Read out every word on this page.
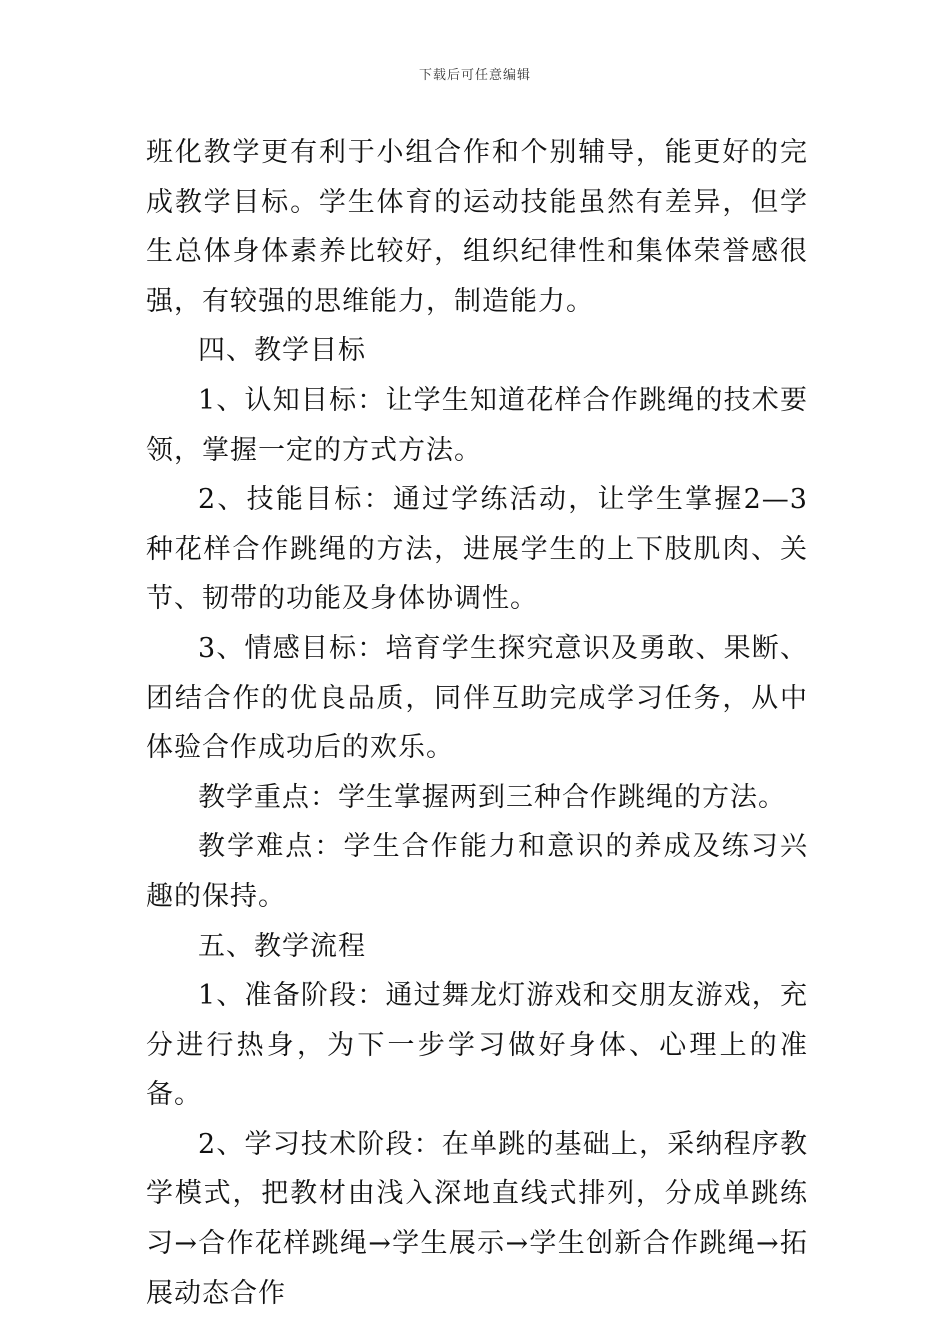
下载后可任意编辑

班化教学更有利于小组合作和个别辅导，能更好的完成教学目标。学生体育的运动技能虽然有差异，但学生总体身体素养比较好，组织纪律性和集体荣誉感很强，有较强的思维能力，制造能力。

四、教学目标

1、认知目标：让学生知道花样合作跳绳的技术要领，掌握一定的方式方法。

2、技能目标：通过学练活动，让学生掌握2—3种花样合作跳绳的方法，进展学生的上下肢肌肉、关节、韧带的功能及身体协调性。

3、情感目标：培育学生探究意识及勇敢、果断、团结合作的优良品质，同伴互助完成学习任务，从中体验合作成功后的欢乐。

教学重点：学生掌握两到三种合作跳绳的方法。

教学难点：学生合作能力和意识的养成及练习兴趣的保持。

五、教学流程

1、准备阶段：通过舞龙灯游戏和交朋友游戏，充分进行热身，为下一步学习做好身体、心理上的准备。

2、学习技术阶段：在单跳的基础上，采纳程序教学模式，把教材由浅入深地直线式排列，分成单跳练习→合作花样跳绳→学生展示→学生创新合作跳绳→拓展动态合作
